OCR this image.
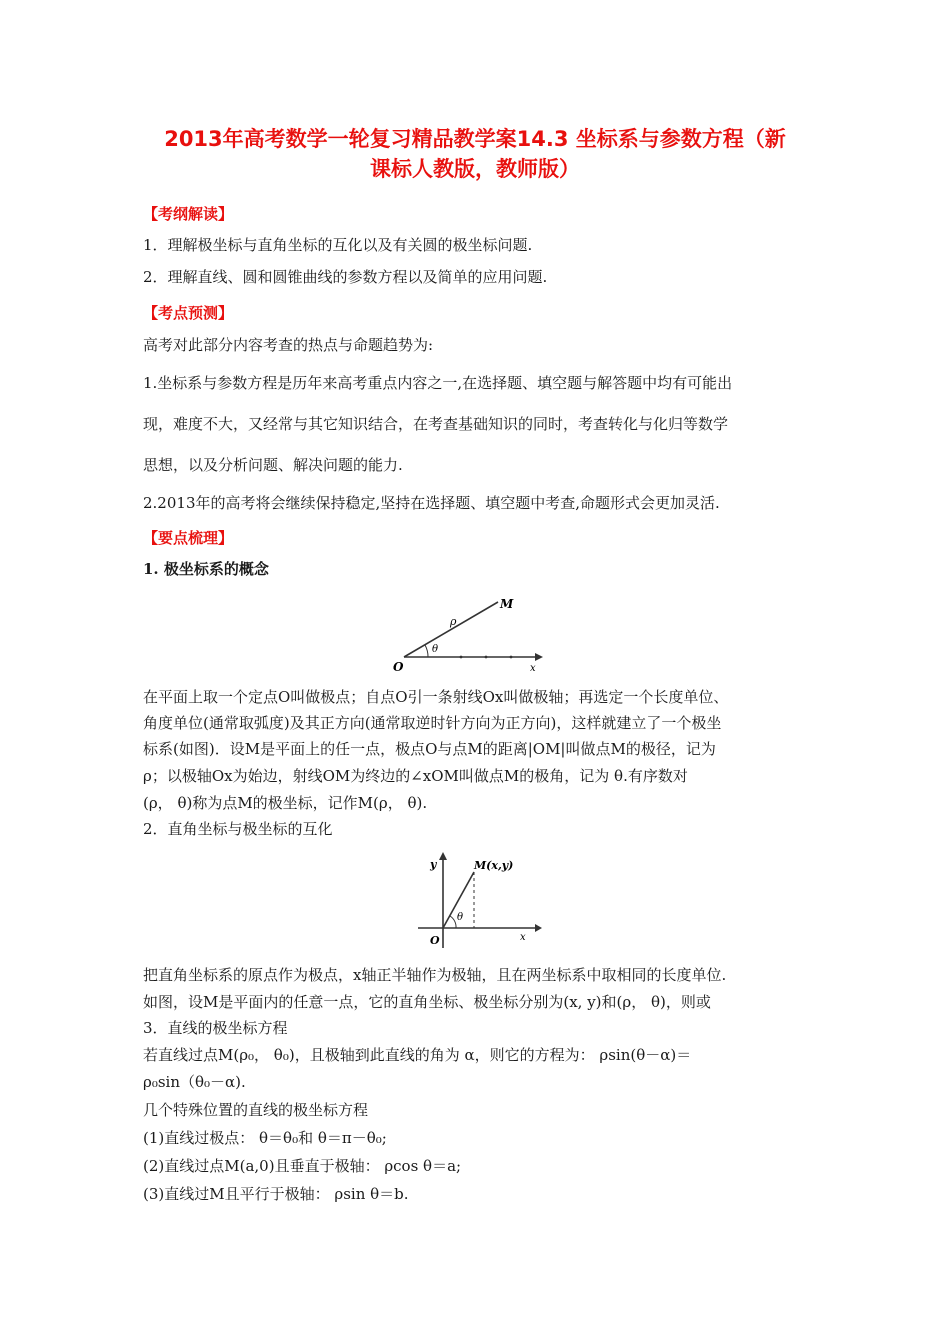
2013年高考数学一轮复习精品教学案14.3 坐标系与参数方程（新
课标人教版，教师版）
【考纲解读】
1．理解极坐标与直角坐标的互化以及有关圆的极坐标问题.
2．理解直线、圆和圆锥曲线的参数方程以及简单的应用问题.
【考点预测】
高考对此部分内容考查的热点与命题趋势为:
1.坐标系与参数方程是历年来高考重点内容之一,在选择题、填空题与解答题中均有可能出
现，难度不大，又经常与其它知识结合，在考查基础知识的同时，考查转化与化归等数学
思想，以及分析问题、解决问题的能力.
2.2013年的高考将会继续保持稳定,坚持在选择题、填空题中考查,命题形式会更加灵活.
【要点梳理】
1. 极坐标系的概念
M
ρ
θ
O	x
在平面上取一个定点O叫做极点；自点O引一条射线Ox叫做极轴；再选定一个长度单位、
角度单位(通常取弧度)及其正方向(通常取逆时针方向为正方向)，这样就建立了一个极坐
标系(如图)．设M是平面上的任一点，极点O与点M的距离|OM|叫做点M的极径，记为
ρ；以极轴Ox为始边，射线OM为终边的∠xOM叫做点M的极角，记为 θ.有序数对
(ρ， θ)称为点M的极坐标，记作M(ρ， θ).
2．直角坐标与极坐标的互化
y	M(x,y)
θ
O	x
把直角坐标系的原点作为极点，x轴正半轴作为极轴，且在两坐标系中取相同的长度单位.
如图，设M是平面内的任意一点，它的直角坐标、极坐标分别为(x, y)和(ρ， θ)，则或
3．直线的极坐标方程
若直线过点M(ρ₀， θ₀)，且极轴到此直线的角为 α，则它的方程为： ρsin(θ－α)＝
ρ₀sin（θ₀－α).
几个特殊位置的直线的极坐标方程
(1)直线过极点： θ＝θ₀和 θ＝π－θ₀;
(2)直线过点M(a,0)且垂直于极轴： ρcos θ＝a;
(3)直线过M且平行于极轴： ρsin θ＝b.
